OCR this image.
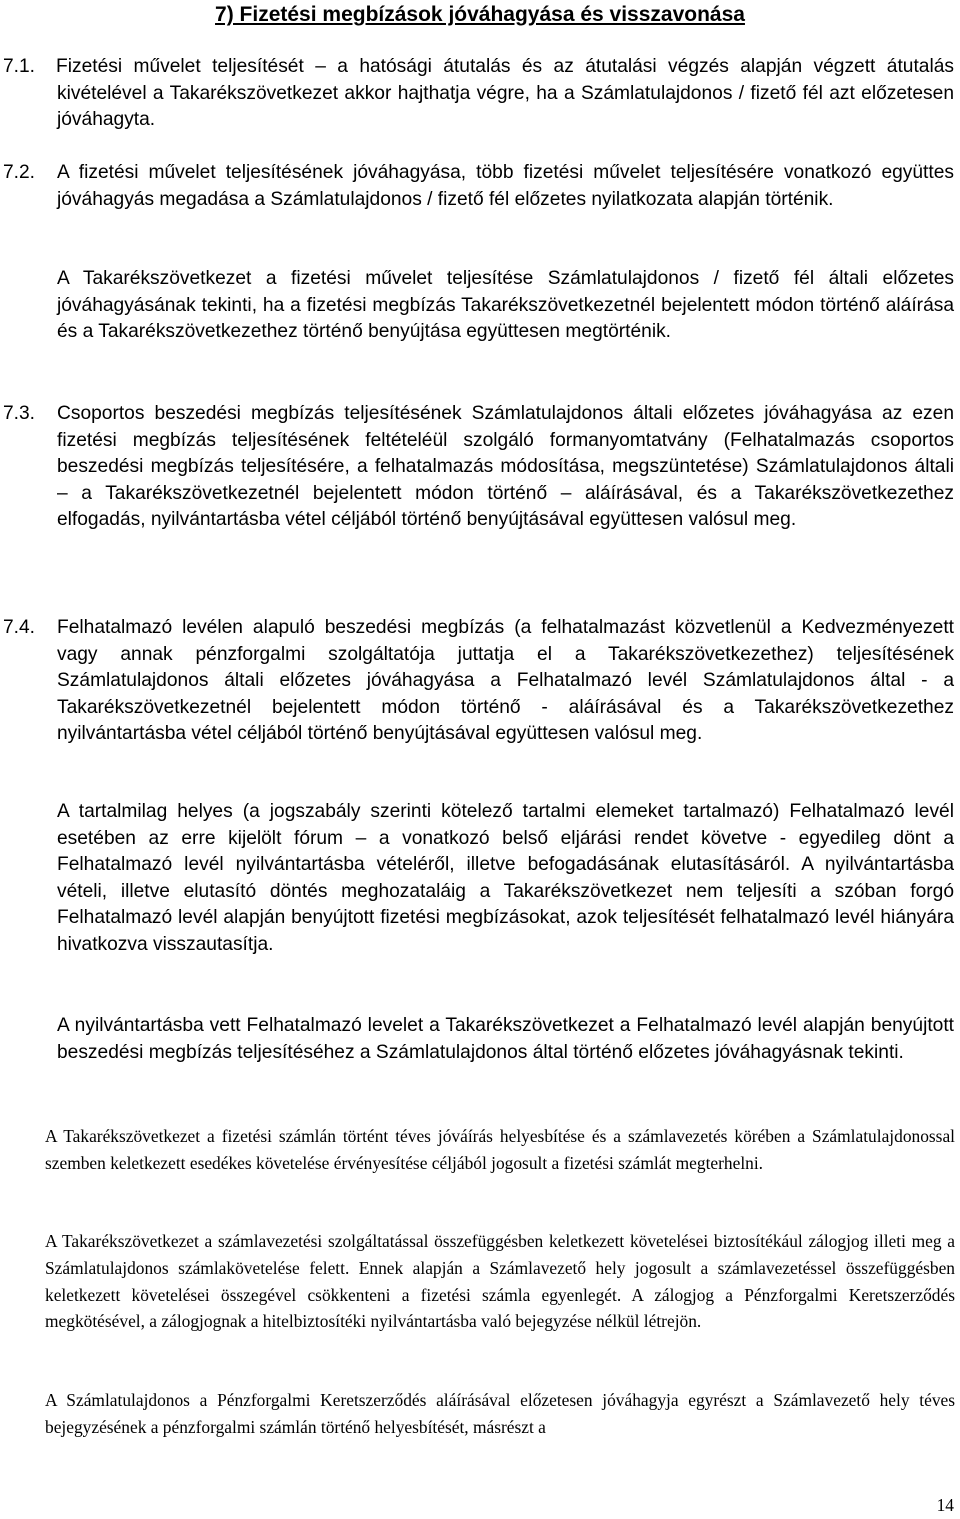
7) Fizetési megbízások jóváhagyása és visszavonása
7.1. Fizetési művelet teljesítését – a hatósági átutalás és az átutalási végzés alapján végzett átutalás kivételével a Takarékszövetkezet akkor hajthatja végre, ha a Számlatulajdonos / fizető fél azt előzetesen jóváhagyta.

7.2. A fizetési művelet teljesítésének jóváhagyása, több fizetési művelet teljesítésére vonatkozó együttes jóváhagyás megadása a Számlatulajdonos / fizető fél előzetes nyilatkozata alapján történik.

A Takarékszövetkezet a fizetési művelet teljesítése Számlatulajdonos / fizető fél általi előzetes jóváhagyásának tekinti, ha a fizetési megbízás Takarékszövetkezetnél bejelentett módon történő aláírása és a Takarékszövetkezethez történő benyújtása együttesen megtörténik.

7.3. Csoportos beszedési megbízás teljesítésének Számlatulajdonos általi előzetes jóváhagyása az ezen fizetési megbízás teljesítésének feltételéül szolgáló formanyomtatvány (Felhatalmazás csoportos beszedési megbízás teljesítésére, a felhatalmazás módosítása, megszüntetése) Számlatulajdonos általi – a Takarékszövetkezetnél bejelentett módon történő – aláírásával, és a Takarékszövetkezethez elfogadás, nyilvántartásba vétel céljából történő benyújtásával együttesen valósul meg.

7.4. Felhatalmazó levélen alapuló beszedési megbízás (a felhatalmazást közvetlenül a Kedvezményezett vagy annak pénzforgalmi szolgáltatója juttatja el a Takarékszövetkezethez) teljesítésének Számlatulajdonos általi előzetes jóváhagyása a Felhatalmazó levél Számlatulajdonos által - a Takarékszövetkezetnél bejelentett módon történő - aláírásával és a Takarékszövetkezethez nyilvántartásba vétel céljából történő benyújtásával együttesen valósul meg.

A tartalmilag helyes (a jogszabály szerinti kötelező tartalmi elemeket tartalmazó) Felhatalmazó levél esetében az erre kijelölt fórum – a vonatkozó belső eljárási rendet követve - egyedileg dönt a Felhatalmazó levél nyilvántartásba vételéről, illetve befogadásának elutasításáról. A nyilvántartásba vételi, illetve elutasító döntés meghozataláig a Takarékszövetkezet nem teljesíti a szóban forgó Felhatalmazó levél alapján benyújtott fizetési megbízásokat, azok teljesítését felhatalmazó levél hiányára hivatkozva visszautasítja.

A nyilvántartásba vett Felhatalmazó levelet a Takarékszövetkezet a Felhatalmazó levél alapján benyújtott beszedési megbízás teljesítéséhez a Számlatulajdonos által történő előzetes jóváhagyásnak tekinti.

A Takarékszövetkezet a fizetési számlán történt téves jóváírás helyesbítése és a számlavezetés körében a Számlatulajdonossal szemben keletkezett esedékes követelése érvényesítése céljából jogosult a fizetési számlát megterhelni.

A Takarékszövetkezet a számlavezetési szolgáltatással összefüggésben keletkezett követelései biztosítékául zálogjog illeti meg a Számlatulajdonos számlakövetelése felett. Ennek alapján a Számlavezető hely jogosult a számlavezetéssel összefüggésben keletkezett követelései összegével csökkenteni a fizetési számla egyenlegét. A zálogjog a Pénzforgalmi Keretszerződés megkötésével, a zálogjognak a hitelbiztosítéki nyilvántartásba való bejegyzése nélkül létrejön.

A Számlatulajdonos a Pénzforgalmi Keretszerződés aláírásával előzetesen jóváhagyja egyrészt a Számlavezető hely téves bejegyzésének a pénzforgalmi számlán történő helyesbítését, másrészt a

14
